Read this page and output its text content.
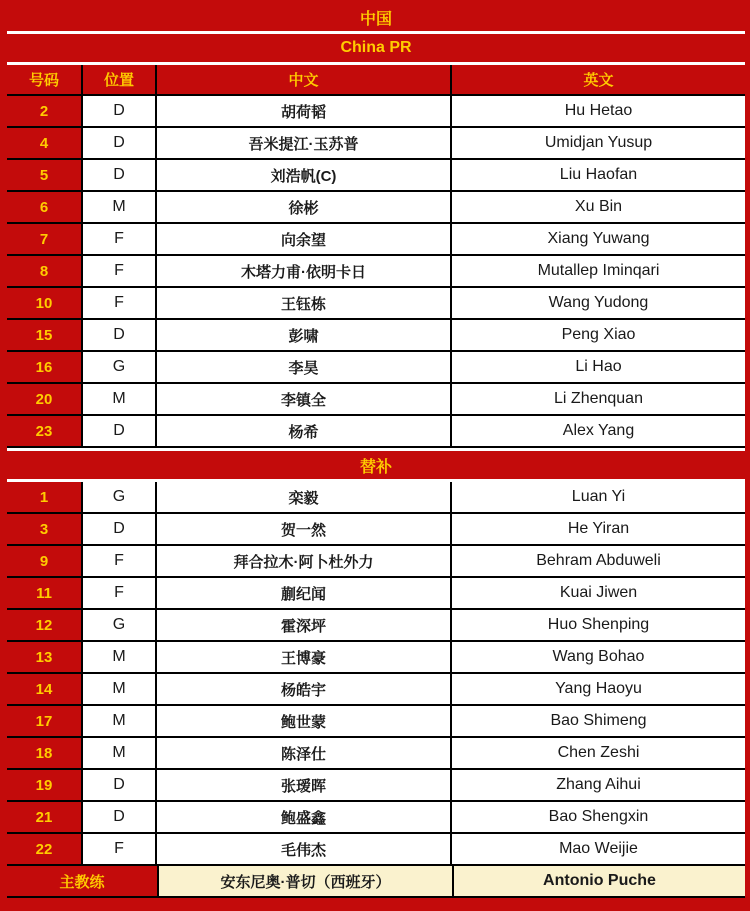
中国
China PR
号码	位置	中文	英文
2	D	胡荷韬	Hu Hetao
4	D	吾米提江·玉苏普	Umidjan Yusup
5	D	刘浩帆(C)	Liu Haofan
6	M	徐彬	Xu Bin
7	F	向余望	Xiang Yuwang
8	F	木塔力甫·依明卡日	Mutallep Iminqari
10	F	王钰栋	Wang Yudong
15	D	彭啸	Peng Xiao
16	G	李昊	Li Hao
20	M	李镇全	Li Zhenquan
23	D	杨希	Alex Yang
替补
1	G	栾毅	Luan Yi
3	D	贺一然	He Yiran
9	F	拜合拉木·阿卜杜外力	Behram Abduweli
11	F	蒯纪闻	Kuai Jiwen
12	G	霍深坪	Huo Shenping
13	M	王博豪	Wang Bohao
14	M	杨皓宇	Yang Haoyu
17	M	鲍世蒙	Bao Shimeng
18	M	陈泽仕	Chen Zeshi
19	D	张瑷晖	Zhang Aihui
21	D	鲍盛鑫	Bao Shengxin
22	F	毛伟杰	Mao Weijie
主教练	安东尼奥·普切（西班牙）	Antonio Puche
